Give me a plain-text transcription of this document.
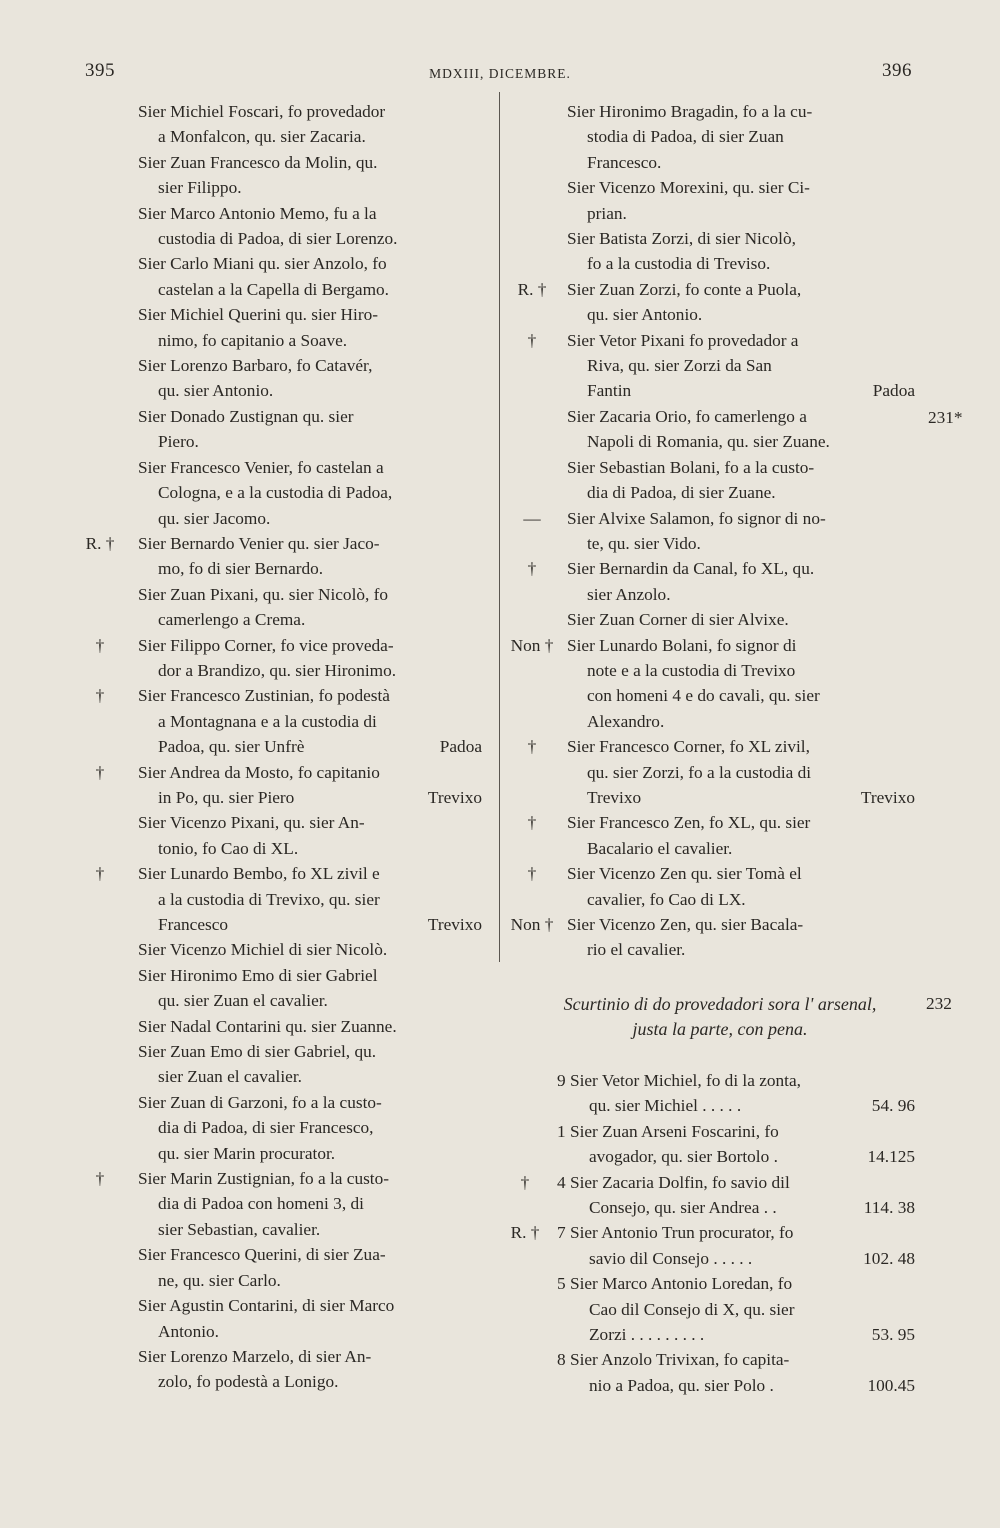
395	MDXIII, DICEMBRE.	396
Sier Michiel Foscari, fo provedador
a Monfalcon, qu. sier Zacaria.
Sier Zuan Francesco da Molin, qu.
sier Filippo.
Sier Marco Antonio Memo, fu a la
custodia di Padoa, di sier Lorenzo.
Sier Carlo Miani qu. sier Anzolo, fo
castelan a la Capella di Bergamo.
Sier Michiel Querini qu. sier Hiro-
nimo, fo capitanio a Soave.
Sier Lorenzo Barbaro, fo Catavér,
qu. sier Antonio.
Sier Donado Zustignan qu. sier
Piero.
Sier Francesco Venier, fo castelan a
Cologna, e a la custodia di Padoa,
qu. sier Jacomo.
R. †	Sier Bernardo Venier qu. sier Jaco-
mo, fo di sier Bernardo.
Sier Zuan Pixani, qu. sier Nicolò, fo
camerlengo a Crema.
†	Sier Filippo Corner, fo vice proveda-
dor a Brandizo, qu. sier Hironimo.
†	Sier Francesco Zustinian, fo podestà
a Montagnana e a la custodia di
Padoa, qu. sier Unfrè	Padoa
†	Sier Andrea da Mosto, fo capitanio
in Po, qu. sier Piero	Trevixo
Sier Vicenzo Pixani, qu. sier An-
tonio, fo Cao di XL.
†	Sier Lunardo Bembo, fo XL zivil e
a la custodia di Trevixo, qu. sier
Francesco	Trevixo
Sier Vicenzo Michiel di sier Nicolò.
Sier Hironimo Emo di sier Gabriel
qu. sier Zuan el cavalier.
Sier Nadal Contarini qu. sier Zuanne.
Sier Zuan Emo di sier Gabriel, qu.
sier Zuan el cavalier.
Sier Zuan di Garzoni, fo a la custo-
dia di Padoa, di sier Francesco,
qu. sier Marin procurator.
†	Sier Marin Zustignian, fo a la custo-
dia di Padoa con homeni 3, di
sier Sebastian, cavalier.
Sier Francesco Querini, di sier Zua-
ne, qu. sier Carlo.
Sier Agustin Contarini, di sier Marco
Antonio.
Sier Lorenzo Marzelo, di sier An-
zolo, fo podestà a Lonigo.
Sier Hironimo Bragadin, fo a la cu-
stodia di Padoa, di sier Zuan
Francesco.
Sier Vicenzo Morexini, qu. sier Ci-
prian.
Sier Batista Zorzi, di sier Nicolò,
fo a la custodia di Treviso.
R. †	Sier Zuan Zorzi, fo conte a Puola,
qu. sier Antonio.
†	Sier Vetor Pixani fo provedador a
Riva, qu. sier Zorzi da San
Fantin	Padoa
Sier Zacaria Orio, fo camerlengo a
Napoli di Romania, qu. sier Zuane.
Sier Sebastian Bolani, fo a la custo-
dia di Padoa, di sier Zuane.
—	Sier Alvixe Salamon, fo signor di no-
te, qu. sier Vido.
†	Sier Bernardin da Canal, fo XL, qu.
sier Anzolo.
Sier Zuan Corner di sier Alvixe.
Non † Sier Lunardo Bolani, fo signor di
note e a la custodia di Trevixo
con homeni 4 e do cavali, qu. sier
Alexandro.
†	Sier Francesco Corner, fo XL zivil,
qu. sier Zorzi, fo a la custodia di
Trevixo	Trevixo
†	Sier Francesco Zen, fo XL, qu. sier
Bacalario el cavalier.
†	Sier Vicenzo Zen qu. sier Tomà el
cavalier, fo Cao di LX.
Non † Sier Vicenzo Zen, qu. sier Bacala-
rio el cavalier.
231*
Scurtinio di do provedadori sora l' arsenal,
justa la parte, con pena.
232
9 Sier Vetor Michiel, fo di la zonta,
qu. sier Michiel . . . . .	54. 96
1 Sier Zuan Arseni Foscarini, fo
avogador, qu. sier Bortolo .	14.125
†	4 Sier Zacaria Dolfin, fo savio dil
Consejo, qu. sier Andrea . .	114. 38
R. †	7 Sier Antonio Trun procurator, fo
savio dil Consejo . . . . .	102. 48
5 Sier Marco Antonio Loredan, fo
Cao dil Consejo di X, qu. sier
Zorzi . . . . . . . . .	53. 95
8 Sier Anzolo Trivixan, fo capita-
nio a Padoa, qu. sier Polo .	100.45
